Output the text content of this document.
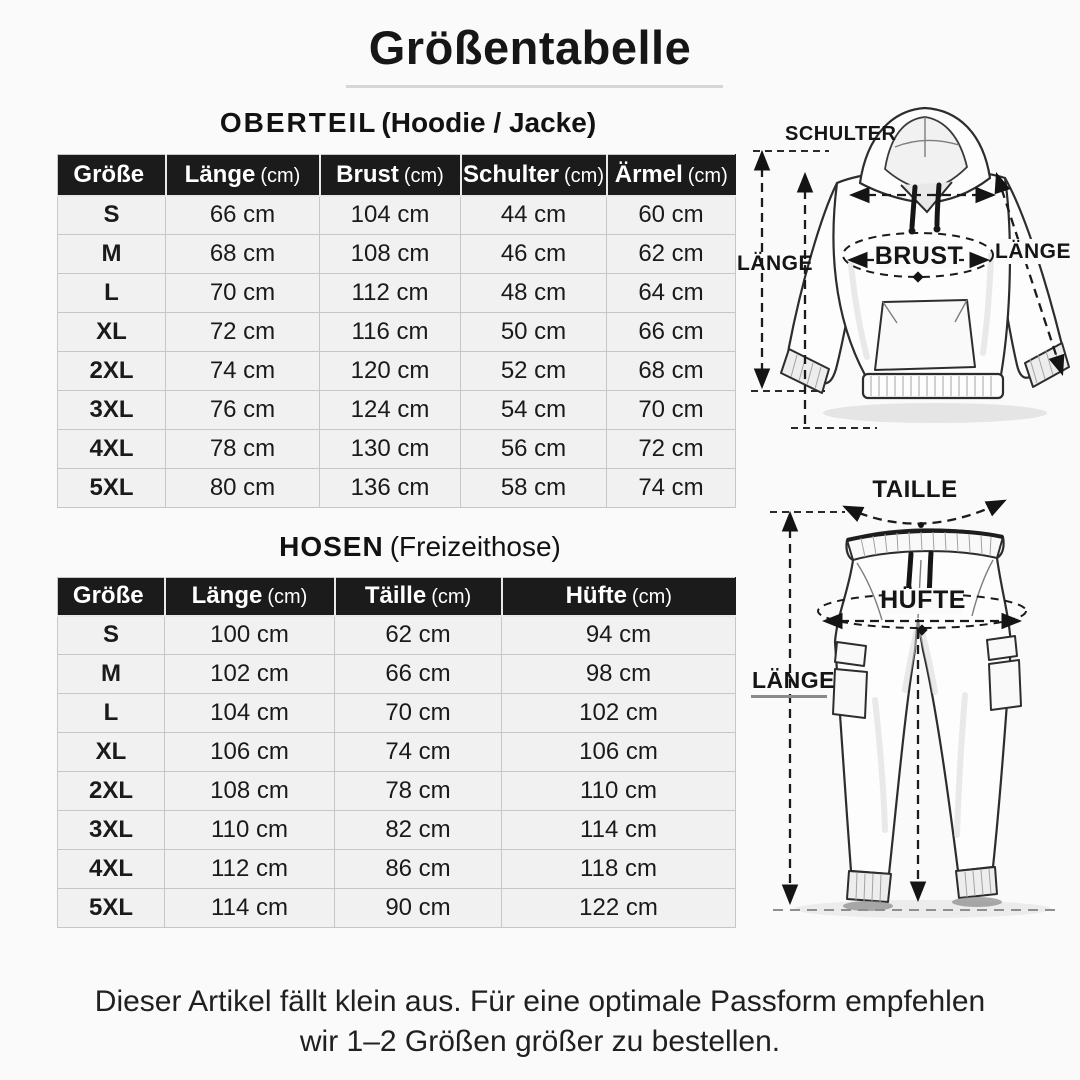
Größentabelle
OBERTEIL (Hoodie / Jacke)
Größe	Länge (cm)	Brust (cm)	Schulter (cm)	Ärmel (cm)
S	66 cm	104 cm	44 cm	60 cm
M	68 cm	108 cm	46 cm	62 cm
L	70 cm	112 cm	48 cm	64 cm
XL	72 cm	116 cm	50 cm	66 cm
2XL	74 cm	120 cm	52 cm	68 cm
3XL	76 cm	124 cm	54 cm	70 cm
4XL	78 cm	130 cm	56 cm	72 cm
5XL	80 cm	136 cm	58 cm	74 cm
HOSEN (Freizeithose)
Größe	Länge (cm)	Täille (cm)	Hüfte (cm)
S	100 cm	62 cm	94 cm
M	102 cm	66 cm	98 cm
L	104 cm	70 cm	102 cm
XL	106 cm	74 cm	106 cm
2XL	108 cm	78 cm	110 cm
3XL	110 cm	82 cm	114 cm
4XL	112 cm	86 cm	118 cm
5XL	114 cm	90 cm	122 cm
SCHULTER
LÄNGE BRUST LÄNGE
TAILLE
HÜFTE
LÄNGE
Dieser Artikel fällt klein aus. Für eine optimale Passform empfehlen
wir 1–2 Größen größer zu bestellen.
